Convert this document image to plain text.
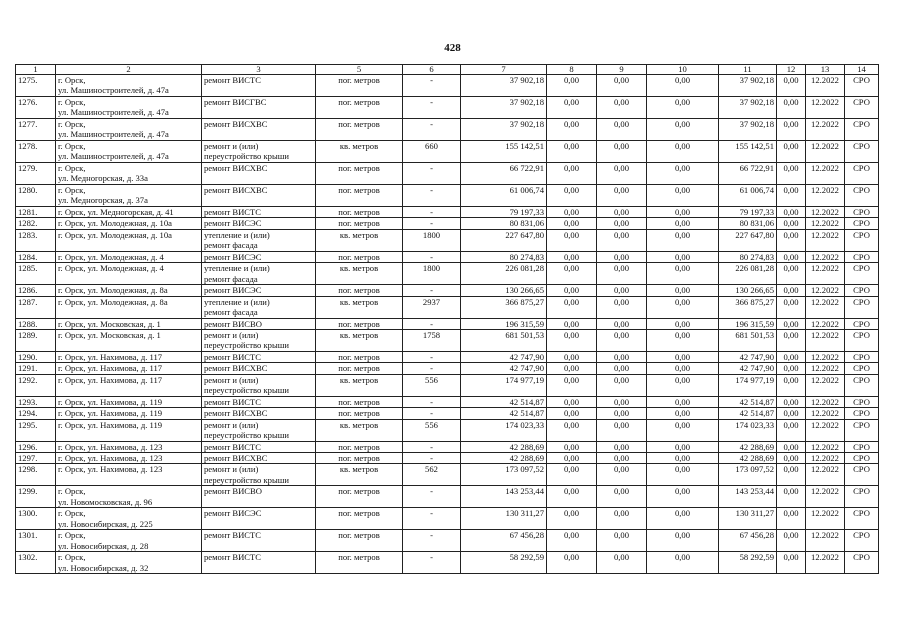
428
1	2	3	5	6	7	8	9	10	11	12	13	14
1275.	г. Орск,
ул. Машиностроителей, д. 47а	ремонт ВИСТС	пог. метров	-	37 902,18	0,00	0,00	0,00	37 902,18	0,00	12.2022	СРО
1276.	г. Орск,
ул. Машиностроителей, д. 47а	ремонт ВИСГВС	пог. метров	-	37 902,18	0,00	0,00	0,00	37 902,18	0,00	12.2022	СРО
1277.	г. Орск,
ул. Машиностроителей, д. 47а	ремонт ВИСХВС	пог. метров	-	37 902,18	0,00	0,00	0,00	37 902,18	0,00	12.2022	СРО
1278.	г. Орск,
ул. Машиностроителей, д. 47а	ремонт и (или)
переустройство крыши	кв. метров	660	155 142,51	0,00	0,00	0,00	155 142,51	0,00	12.2022	СРО
1279.	г. Орск,
ул. Медногорская, д. 33а	ремонт ВИСХВС	пог. метров	-	66 722,91	0,00	0,00	0,00	66 722,91	0,00	12.2022	СРО
1280.	г. Орск,
ул. Медногорская, д. 37а	ремонт ВИСХВС	пог. метров	-	61 006,74	0,00	0,00	0,00	61 006,74	0,00	12.2022	СРО
1281.	г. Орск, ул. Медногорская, д. 41	ремонт ВИСТС	пог. метров	-	79 197,33	0,00	0,00	0,00	79 197,33	0,00	12.2022	СРО
1282.	г. Орск, ул. Молодежная, д. 10а	ремонт ВИСЭС	пог. метров	-	80 831,06	0,00	0,00	0,00	80 831,06	0,00	12.2022	СРО
1283.	г. Орск, ул. Молодежная, д. 10а	утепление и (или)
ремонт фасада	кв. метров	1800	227 647,80	0,00	0,00	0,00	227 647,80	0,00	12.2022	СРО
1284.	г. Орск, ул. Молодежная, д. 4	ремонт ВИСЭС	пог. метров	-	80 274,83	0,00	0,00	0,00	80 274,83	0,00	12.2022	СРО
1285.	г. Орск, ул. Молодежная, д. 4	утепление и (или)
ремонт фасада	кв. метров	1800	226 081,28	0,00	0,00	0,00	226 081,28	0,00	12.2022	СРО
1286.	г. Орск, ул. Молодежная, д. 8а	ремонт ВИСЭС	пог. метров	-	130 266,65	0,00	0,00	0,00	130 266,65	0,00	12.2022	СРО
1287.	г. Орск, ул. Молодежная, д. 8а	утепление и (или)
ремонт фасада	кв. метров	2937	366 875,27	0,00	0,00	0,00	366 875,27	0,00	12.2022	СРО
1288.	г. Орск, ул. Московская, д. 1	ремонт ВИСВО	пог. метров	-	196 315,59	0,00	0,00	0,00	196 315,59	0,00	12.2022	СРО
1289.	г. Орск, ул. Московская, д. 1	ремонт и (или)
переустройство крыши	кв. метров	1758	681 501,53	0,00	0,00	0,00	681 501,53	0,00	12.2022	СРО
1290.	г. Орск, ул. Нахимова, д. 117	ремонт ВИСТС	пог. метров	-	42 747,90	0,00	0,00	0,00	42 747,90	0,00	12.2022	СРО
1291.	г. Орск, ул. Нахимова, д. 117	ремонт ВИСХВС	пог. метров	-	42 747,90	0,00	0,00	0,00	42 747,90	0,00	12.2022	СРО
1292.	г. Орск, ул. Нахимова, д. 117	ремонт и (или)
переустройство крыши	кв. метров	556	174 977,19	0,00	0,00	0,00	174 977,19	0,00	12.2022	СРО
1293.	г. Орск, ул. Нахимова, д. 119	ремонт ВИСТС	пог. метров	-	42 514,87	0,00	0,00	0,00	42 514,87	0,00	12.2022	СРО
1294.	г. Орск, ул. Нахимова, д. 119	ремонт ВИСХВС	пог. метров	-	42 514,87	0,00	0,00	0,00	42 514,87	0,00	12.2022	СРО
1295.	г. Орск, ул. Нахимова, д. 119	ремонт и (или)
переустройство крыши	кв. метров	556	174 023,33	0,00	0,00	0,00	174 023,33	0,00	12.2022	СРО
1296.	г. Орск, ул. Нахимова, д. 123	ремонт ВИСТС	пог. метров	-	42 288,69	0,00	0,00	0,00	42 288,69	0,00	12.2022	СРО
1297.	г. Орск, ул. Нахимова, д. 123	ремонт ВИСХВС	пог. метров	-	42 288,69	0,00	0,00	0,00	42 288,69	0,00	12.2022	СРО
1298.	г. Орск, ул. Нахимова, д. 123	ремонт и (или)
переустройство крыши	кв. метров	562	173 097,52	0,00	0,00	0,00	173 097,52	0,00	12.2022	СРО
1299.	г. Орск,
ул. Новомосковская, д. 96	ремонт ВИСВО	пог. метров	-	143 253,44	0,00	0,00	0,00	143 253,44	0,00	12.2022	СРО
1300.	г. Орск,
ул. Новосибирская, д. 225	ремонт ВИСЭС	пог. метров	-	130 311,27	0,00	0,00	0,00	130 311,27	0,00	12.2022	СРО
1301.	г. Орск,
ул. Новосибирская, д. 28	ремонт ВИСТС	пог. метров	-	67 456,28	0,00	0,00	0,00	67 456,28	0,00	12.2022	СРО
1302.	г. Орск,
ул. Новосибирская, д. 32	ремонт ВИСТС	пог. метров	-	58 292,59	0,00	0,00	0,00	58 292,59	0,00	12.2022	СРО
